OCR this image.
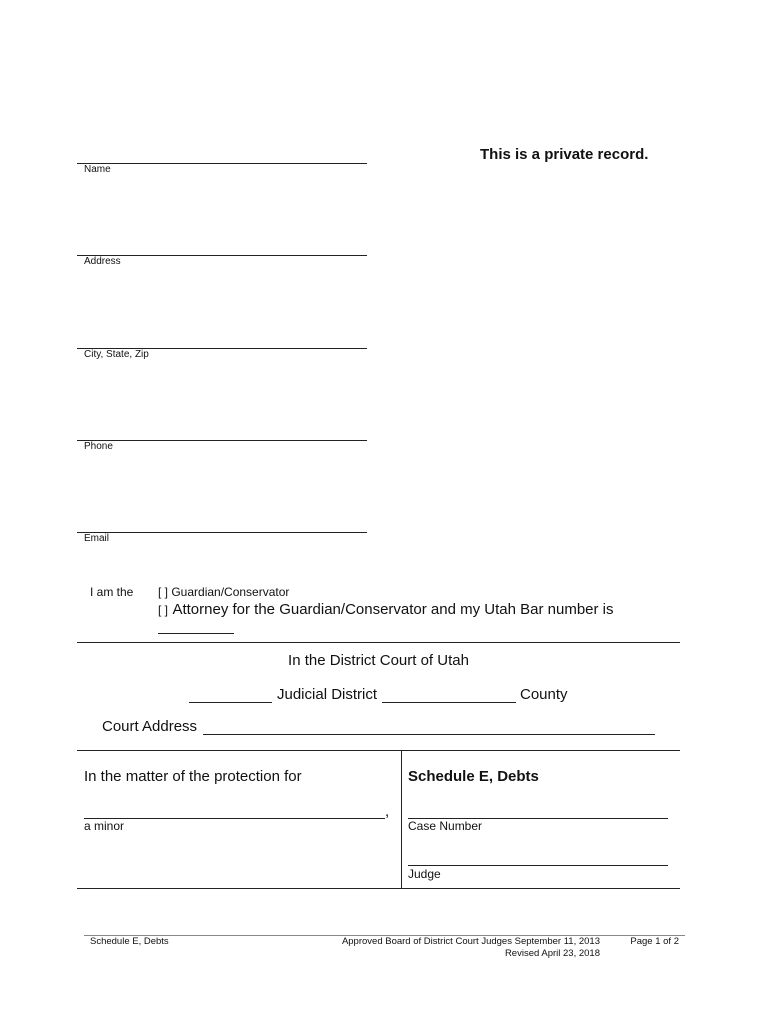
This is a private record.
Name
Address
City, State, Zip
Phone
Email
I am the [ ] Guardian/Conservator
[ ] Attorney for the Guardian/Conservator and my Utah Bar number is
In the District Court of Utah
Judicial District	County
Court Address
In the matter of the protection for
,
a minor
Schedule E, Debts
Case Number
Judge
Schedule E, Debts	Approved Board of District Court Judges September 11, 2013
Revised April 23, 2018
Page 1 of 2
